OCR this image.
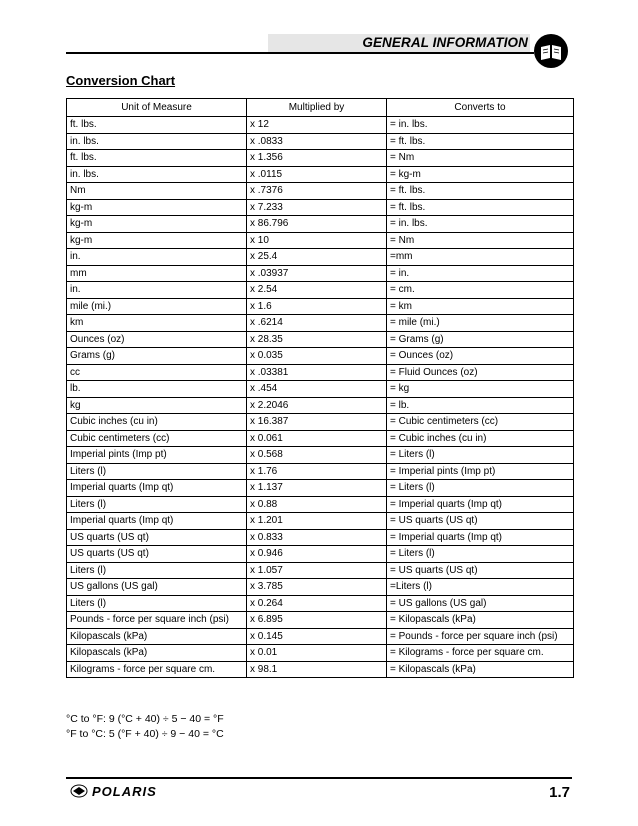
GENERAL INFORMATION
Conversion Chart
Unit of Measure	Multiplied by	Converts to
ft. lbs.	x 12	= in. lbs.
in. lbs.	x .0833	= ft. lbs.
ft. lbs.	x 1.356	= Nm
in. lbs.	x .0115	= kg-m
Nm	x .7376	= ft. lbs.
kg-m	x 7.233	= ft. lbs.
kg-m	x 86.796	= in. lbs.
kg-m	x 10	= Nm
in.	x 25.4	=mm
mm	x .03937	= in.
in.	x 2.54	= cm.
mile (mi.)	x 1.6	= km
km	x .6214	= mile (mi.)
Ounces (oz)	x 28.35	= Grams (g)
Grams (g)	x 0.035	= Ounces (oz)
cc	x .03381	= Fluid Ounces (oz)
lb.	x .454	= kg
kg	x 2.2046	= lb.
Cubic inches (cu in)	x 16.387	= Cubic centimeters (cc)
Cubic centimeters (cc)	x 0.061	= Cubic inches (cu in)
Imperial pints (Imp pt)	x 0.568	= Liters (l)
Liters (l)	x 1.76	= Imperial pints (Imp pt)
Imperial quarts (Imp qt)	x 1.137	= Liters (l)
Liters (l)	x 0.88	= Imperial quarts (Imp qt)
Imperial quarts (Imp qt)	x 1.201	= US quarts (US qt)
US quarts (US qt)	x 0.833	= Imperial quarts (Imp qt)
US quarts (US qt)	x 0.946	= Liters (l)
Liters (l)	x 1.057	= US quarts (US qt)
US gallons (US gal)	x 3.785	=Liters (l)
Liters (l)	x 0.264	= US gallons (US gal)
Pounds - force per square inch (psi)	x 6.895	= Kilopascals (kPa)
Kilopascals (kPa)	x 0.145	= Pounds - force per square inch (psi)
Kilopascals (kPa)	x 0.01	= Kilograms - force per square cm.
Kilograms - force per square cm.	x 98.1	= Kilopascals (kPa)
°C to °F: 9 (°C + 40) ÷ 5 − 40 = °F
°F to °C: 5 (°F + 40) ÷ 9 − 40 = °C
POLARIS	1.7
